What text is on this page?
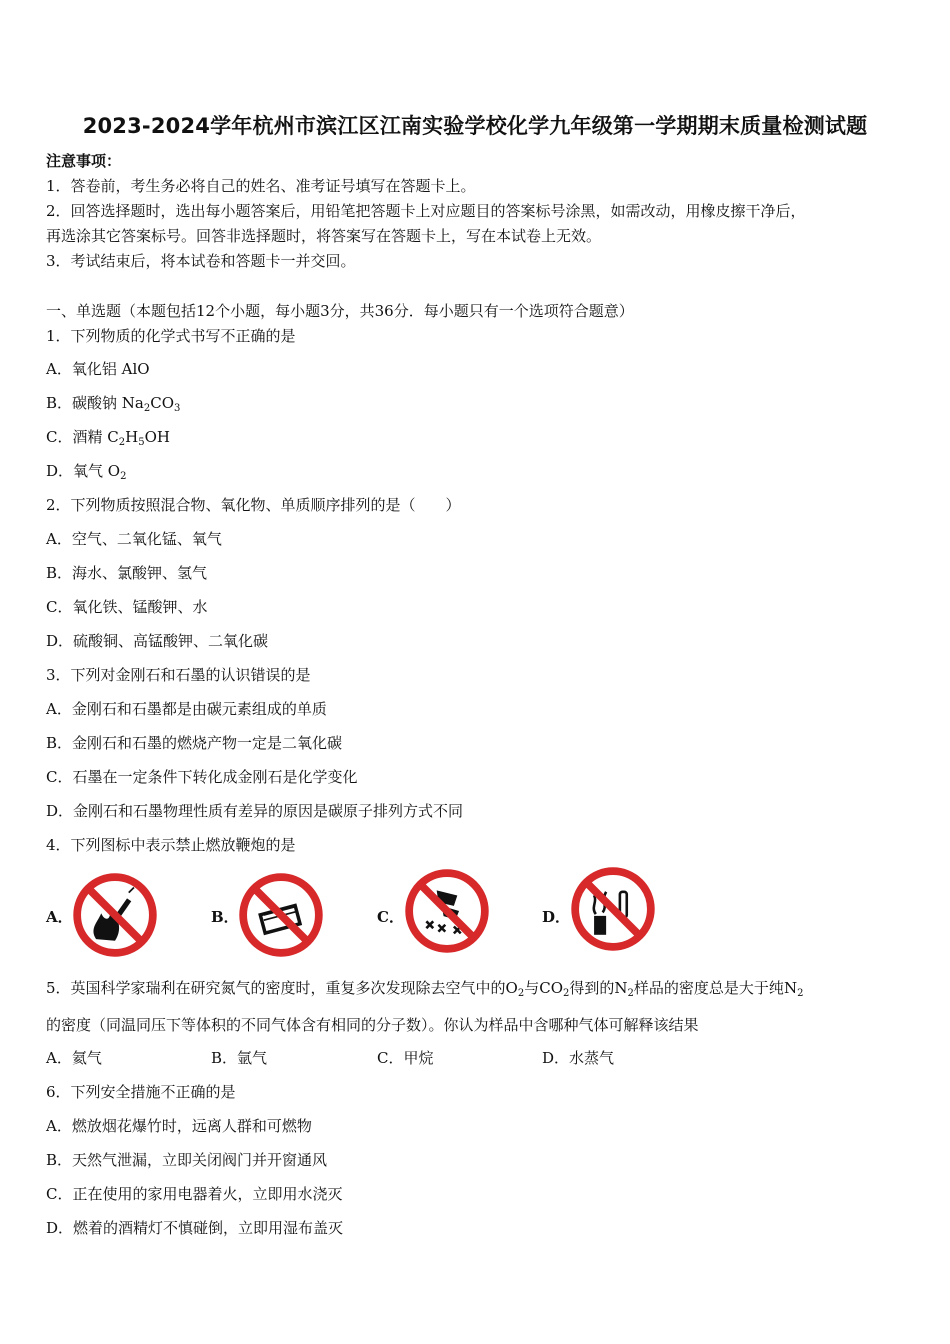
2023-2024学年杭州市滨江区江南实验学校化学九年级第一学期期末质量检测试题
注意事项：
1．答卷前，考生务必将自己的姓名、准考证号填写在答题卡上。
2．回答选择题时，选出每小题答案后，用铅笔把答题卡上对应题目的答案标号涂黑，如需改动，用橡皮擦干净后，
再选涂其它答案标号。回答非选择题时，将答案写在答题卡上，写在本试卷上无效。
3．考试结束后，将本试卷和答题卡一并交回。
一、单选题（本题包括12个小题，每小题3分，共36分．每小题只有一个选项符合题意）
1．下列物质的化学式书写不正确的是
A．氧化铝 AlO
B．碳酸钠 $Na_2CO_3$
C．酒精 $C_2H_5OH$
D．氧气 $O_2$
2．下列物质按照混合物、氧化物、单质顺序排列的是（　　）
A．空气、二氧化锰、氧气
B．海水、氯酸钾、氢气
C．氧化铁、锰酸钾、水
D．硫酸铜、高锰酸钾、二氧化碳
3．下列对金刚石和石墨的认识错误的是
A．金刚石和石墨都是由碳元素组成的单质
B．金刚石和石墨的燃烧产物一定是二氧化碳
C．石墨在一定条件下转化成金刚石是化学变化
D．金刚石和石墨物理性质有差异的原因是碳原子排列方式不同
4．下列图标中表示禁止燃放鞭炮的是
A．	B．	C．	D．
5．英国科学家瑞利在研究氮气的密度时，重复多次发现除去空气中的$O_2$与$CO_2$得到的$N_2$样品的密度总是大于纯$N_2$
的密度（同温同压下等体积的不同气体含有相同的分子数）。你认为样品中含哪种气体可解释该结果
A．氦气	B．氩气	C．甲烷	D．水蒸气
6．下列安全措施不正确的是
A．燃放烟花爆竹时，远离人群和可燃物
B．天然气泄漏，立即关闭阀门并开窗通风
C．正在使用的家用电器着火，立即用水浇灭
D．燃着的酒精灯不慎碰倒，立即用湿布盖灭
